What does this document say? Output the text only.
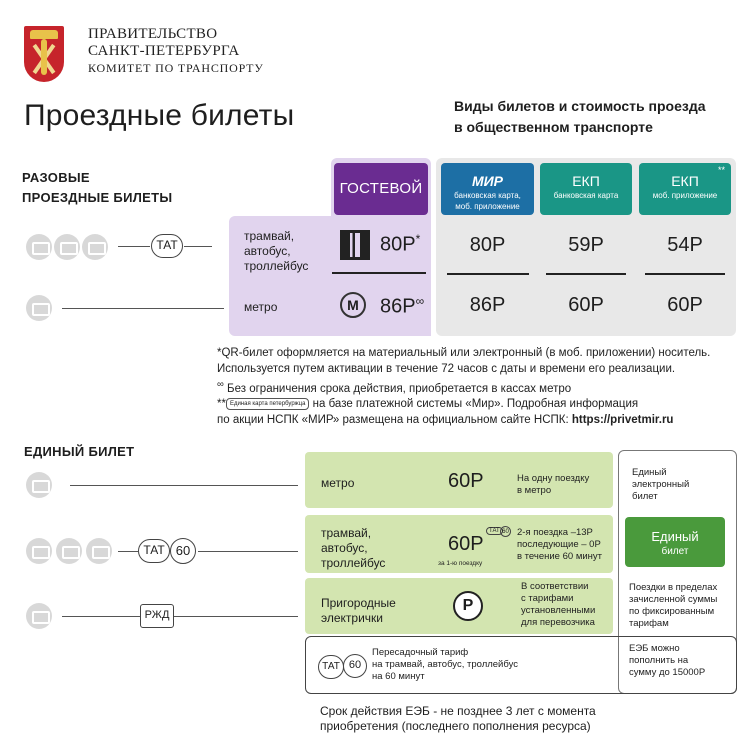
ПРАВИТЕЛЬСТВО
САНКТ-ПЕТЕРБУРГА
КОМИТЕТ ПО ТРАНСПОРТУ
Проездные билеты	Виды билетов и стоимость проезда
в общественном транспорте
РАЗОВЫЕ
ПРОЕЗДНЫЕ БИЛЕТЫ
ГОСТЕВОЙ	МИР
банковская карта,
моб. приложение
ЕКП
банковская карта
**
ЕКП
моб. приложение
ТАТ
трамвай,
автобус,
троллейбус
80Р*	80Р	59Р	54Р
метро	М	86Р∞	86Р	60Р	60Р
*QR-билет оформляется на материальный или электронный (в моб. приложении) носитель. Используется путем активации в течение 72 часов с даты и времени его реализации.
∞ Без ограничения срока действия, приобретается в кассах метро
** Единая карта петербуржца на базе платежной системы «Мир». Подробная информация
по акции НСПК «МИР» размещена на официальном сайте НСПК: https://privetmir.ru
ЕДИНЫЙ БИЛЕТ
метро	60Р	На одну поездку
в метро
Единый
электронный
билет
ТАТ 60
трамвай,
автобус,
троллейбус
60Р
за 1-ю поездку
ТАТ 60 2-я поездка –13Р
последующие – 0Р
в течение 60 минут
Единый
билет
РЖД
Пригородные
электрички
Р
В соответствии
с тарифами
установленными
для перевозчика
Поездки в пределах
зачисленной суммы
по фиксированным
тарифам
ТАТ 60
Пересадочный тариф
на трамвай, автобус, троллейбус
на 60 минут
ЕЭБ можно
пополнить на
сумму до 15000Р
Срок действия ЕЭБ - не позднее 3 лет с момента
приобретения (последнего пополнения ресурса)
